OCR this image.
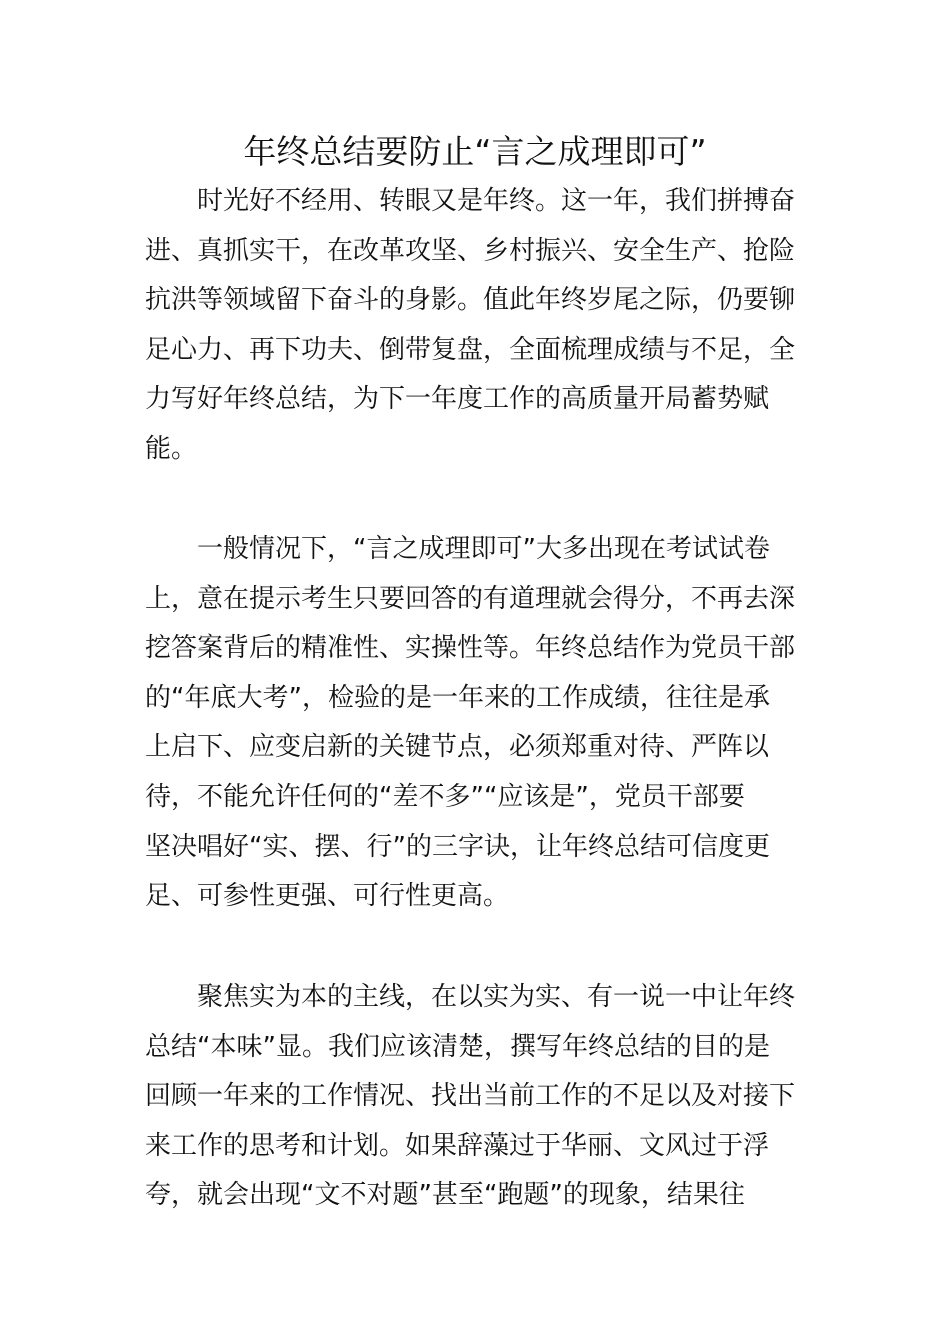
年终总结要防止“言之成理即可”
时光好不经用、转眼又是年终。这一年，我们拼搏奋
进、真抓实干，在改革攻坚、乡村振兴、安全生产、抢险
抗洪等领域留下奋斗的身影。值此年终岁尾之际，仍要铆
足心力、再下功夫、倒带复盘，全面梳理成绩与不足，全
力写好年终总结，为下一年度工作的高质量开局蓄势赋
能。
一般情况下，“言之成理即可”大多出现在考试试卷
上，意在提示考生只要回答的有道理就会得分，不再去深
挖答案背后的精准性、实操性等。年终总结作为党员干部
的“年底大考”，检验的是一年来的工作成绩，往往是承
上启下、应变启新的关键节点，必须郑重对待、严阵以
待，不能允许任何的“差不多”“应该是”，党员干部要
坚决唱好“实、摆、行”的三字诀，让年终总结可信度更
足、可参性更强、可行性更高。
聚焦实为本的主线，在以实为实、有一说一中让年终
总结“本味”显。我们应该清楚，撰写年终总结的目的是
回顾一年来的工作情况、找出当前工作的不足以及对接下
来工作的思考和计划。如果辞藻过于华丽、文风过于浮
夸，就会出现“文不对题”甚至“跑题”的现象，结果往
